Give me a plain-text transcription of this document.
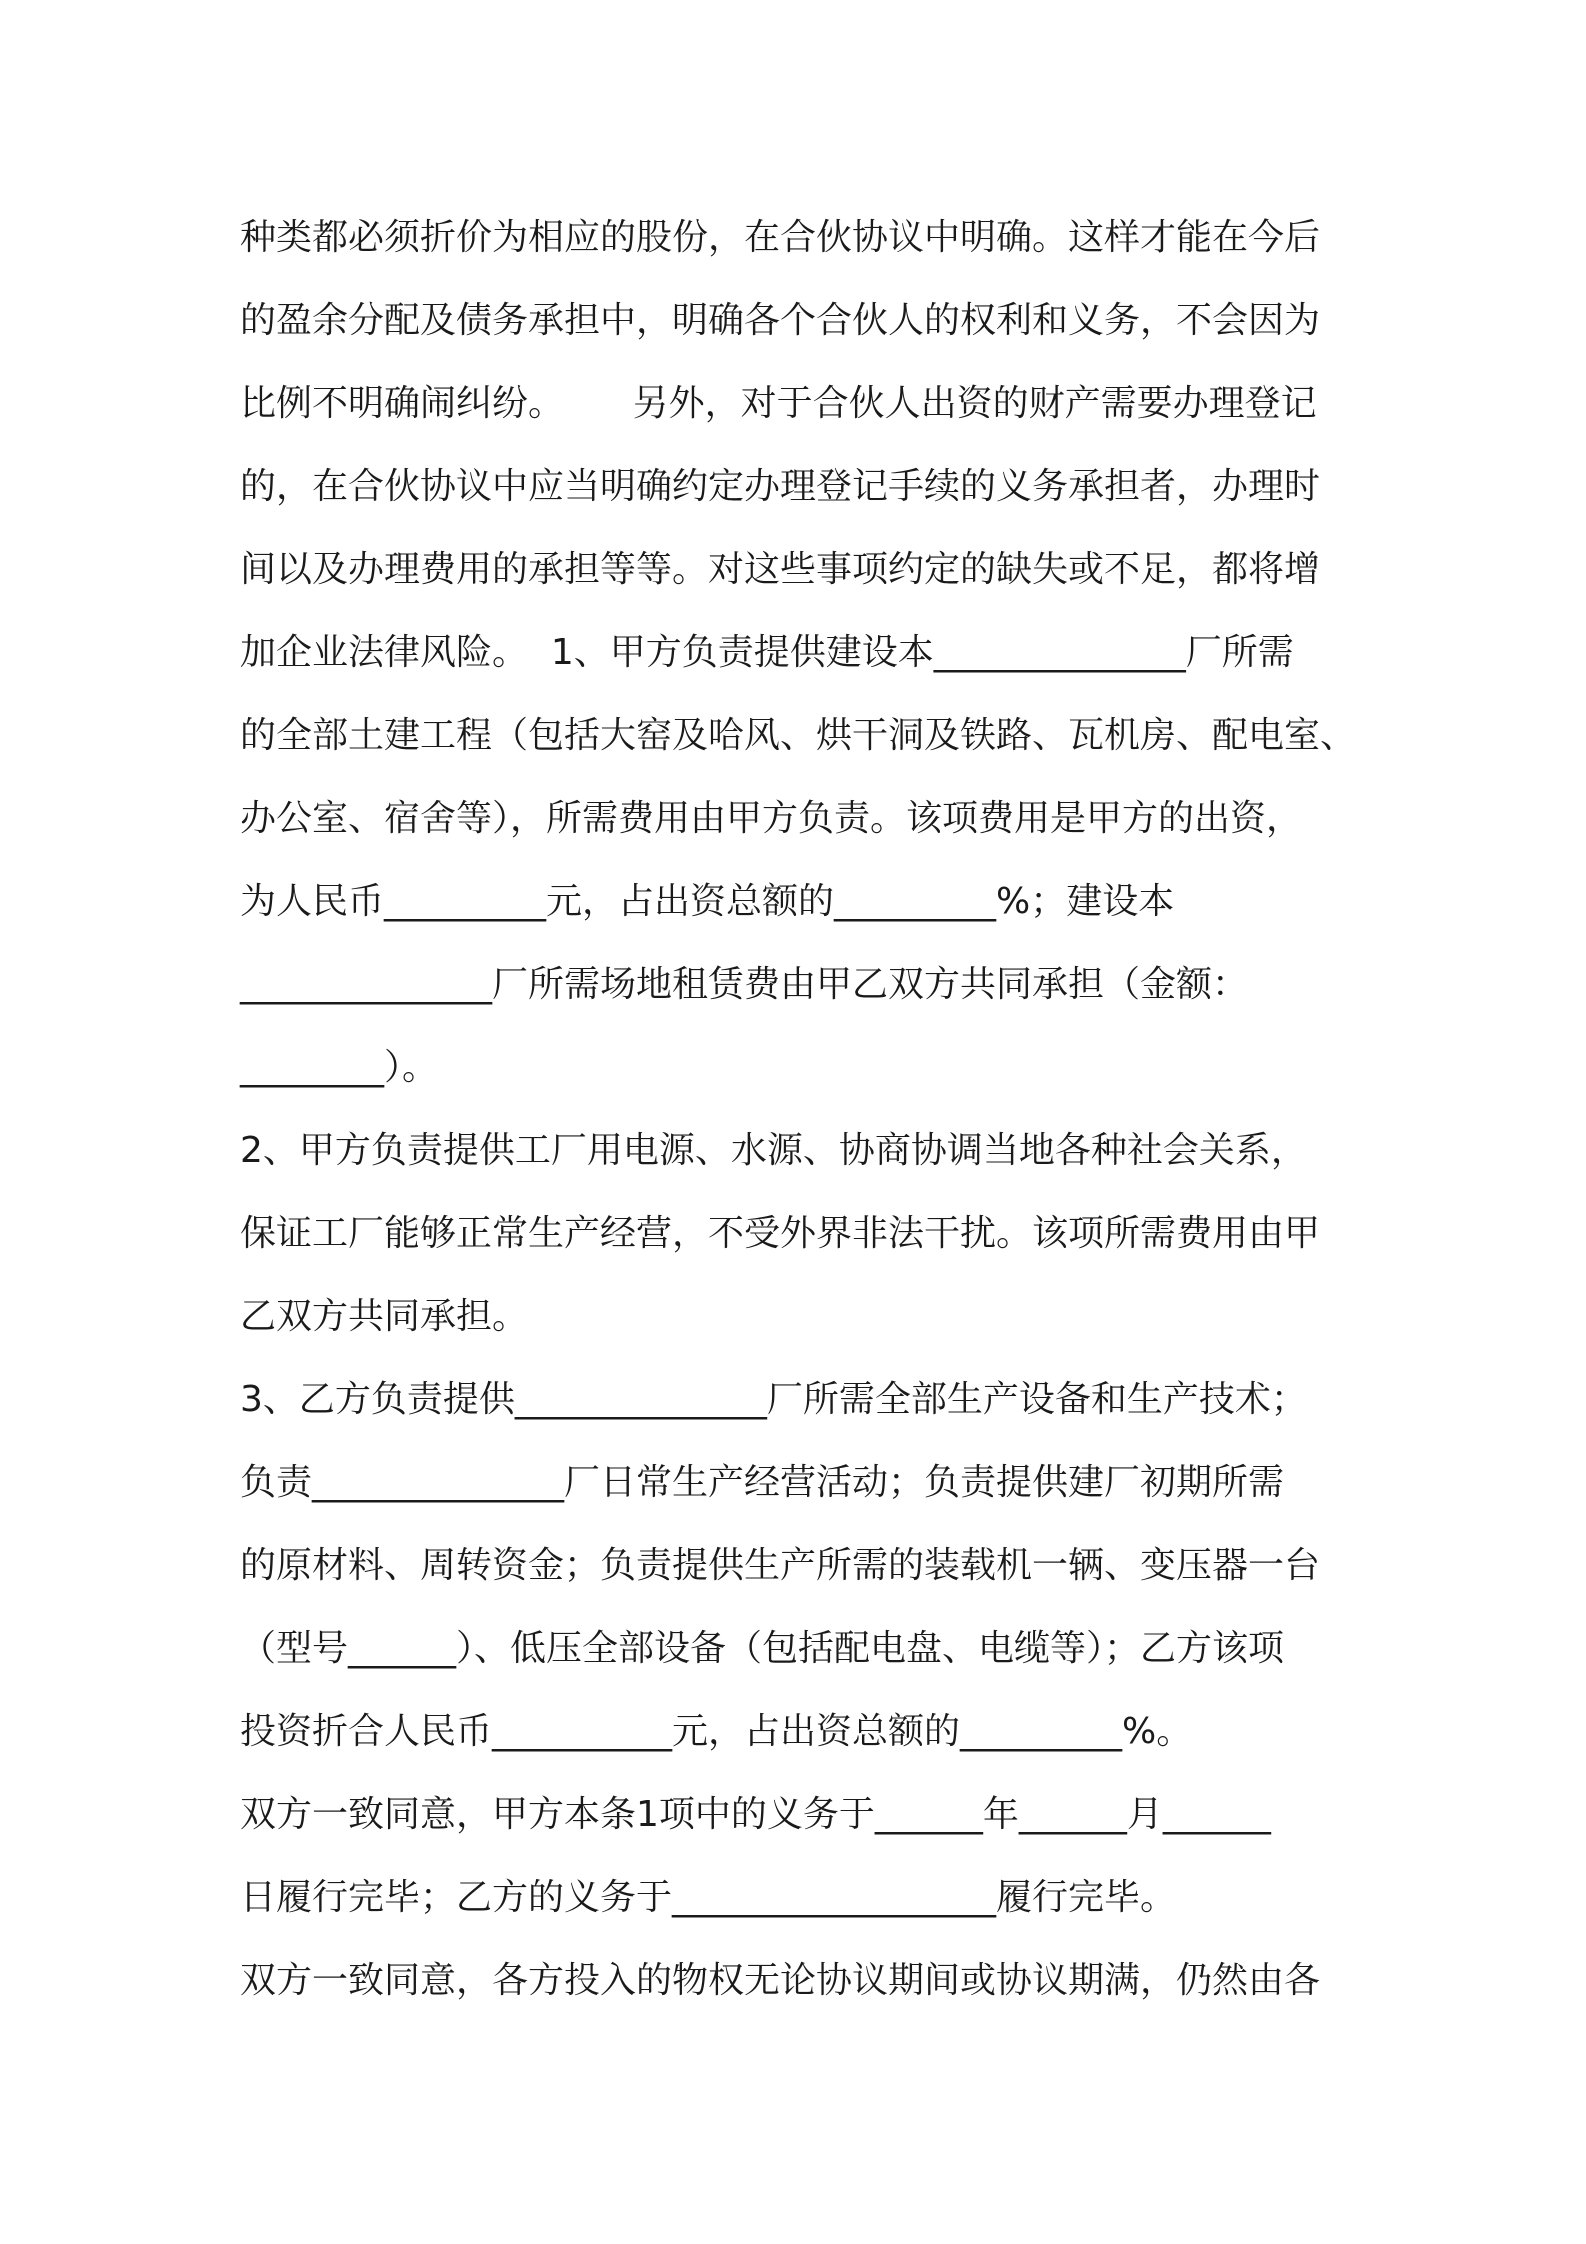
种类都必须折价为相应的股份，在合伙协议中明确。这样才能在今后
的盈余分配及债务承担中，明确各个合伙人的权利和义务，不会因为
比例不明确闹纠纷。      另外，对于合伙人出资的财产需要办理登记
的，在合伙协议中应当明确约定办理登记手续的义务承担者，办理时
间以及办理费用的承担等等。对这些事项约定的缺失或不足，都将增
加企业法律风险。  1、甲方负责提供建设本______________厂所需
的全部土建工程（包括大窑及哈风、烘干洞及铁路、瓦机房、配电室、
办公室、宿舍等），所需费用由甲方负责。该项费用是甲方的出资，
为人民币_________元，占出资总额的_________%；建设本
______________厂所需场地租赁费由甲乙双方共同承担（金额：
________）。
2、甲方负责提供工厂用电源、水源、协商协调当地各种社会关系，
保证工厂能够正常生产经营，不受外界非法干扰。该项所需费用由甲
乙双方共同承担。
3、乙方负责提供______________厂所需全部生产设备和生产技术；
负责______________厂日常生产经营活动；负责提供建厂初期所需
的原材料、周转资金；负责提供生产所需的装载机一辆、变压器一台
（型号______）、低压全部设备（包括配电盘、电缆等）；乙方该项
投资折合人民币__________元，占出资总额的_________%。
双方一致同意，甲方本条1项中的义务于______年______月______
日履行完毕；乙方的义务于__________________履行完毕。
双方一致同意，各方投入的物权无论协议期间或协议期满，仍然由各
